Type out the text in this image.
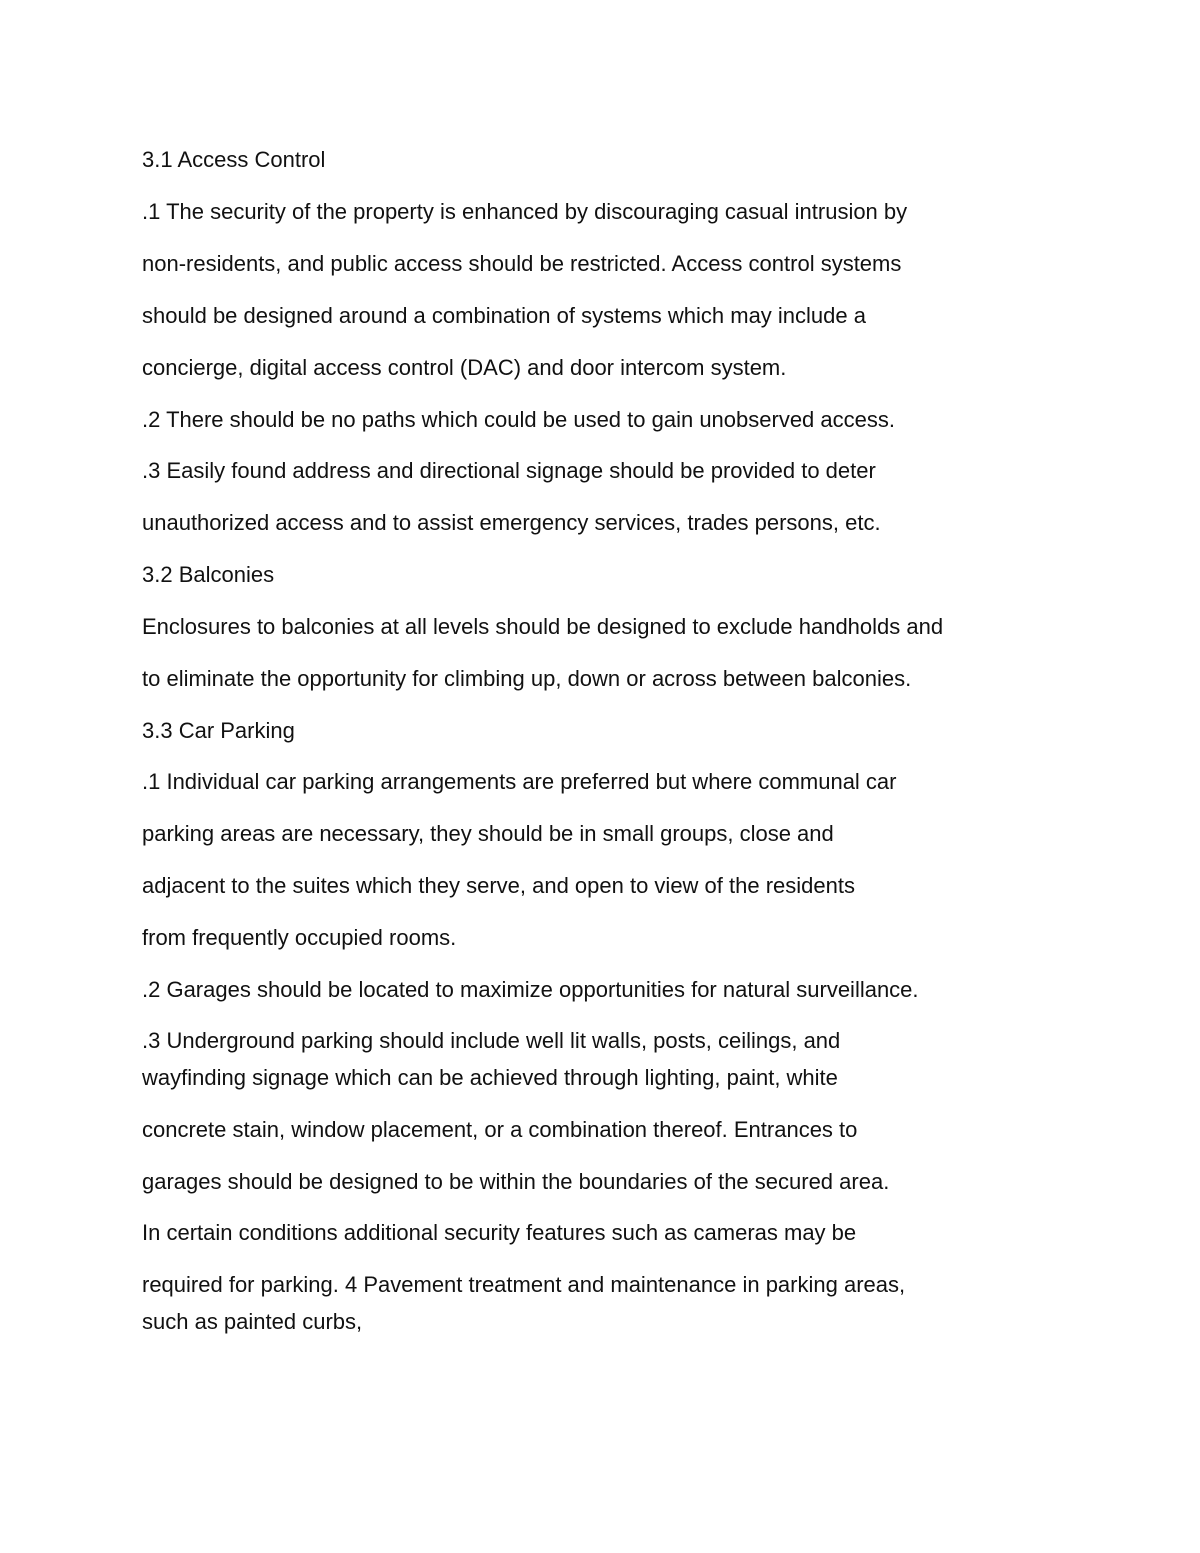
3.1 Access Control
.1 The security of the property is enhanced by discouraging casual intrusion by
non-residents, and public access should be restricted. Access control systems
should be designed around a combination of systems which may include a
concierge, digital access control (DAC) and door intercom system.
.2 There should be no paths which could be used to gain unobserved access.
.3 Easily found address and directional signage should be provided to deter
unauthorized access and to assist emergency services, trades persons, etc.
3.2 Balconies
Enclosures to balconies at all levels should be designed to exclude handholds and
to eliminate the opportunity for climbing up, down or across between balconies.
3.3 Car Parking
.1 Individual car parking arrangements are preferred but where communal car
parking areas are necessary, they should be in small groups, close and
adjacent to the suites which they serve, and open to view of the residents
from frequently occupied rooms.
.2 Garages should be located to maximize opportunities for natural surveillance.
.3 Underground parking should include well lit walls, posts, ceilings, and
wayfinding signage which can be achieved through lighting, paint, white
concrete stain, window placement, or a combination thereof. Entrances to
garages should be designed to be within the boundaries of the secured area.
In certain conditions additional security features such as cameras may be
required for parking. 4 Pavement treatment and maintenance in parking areas,
such as painted curbs,
